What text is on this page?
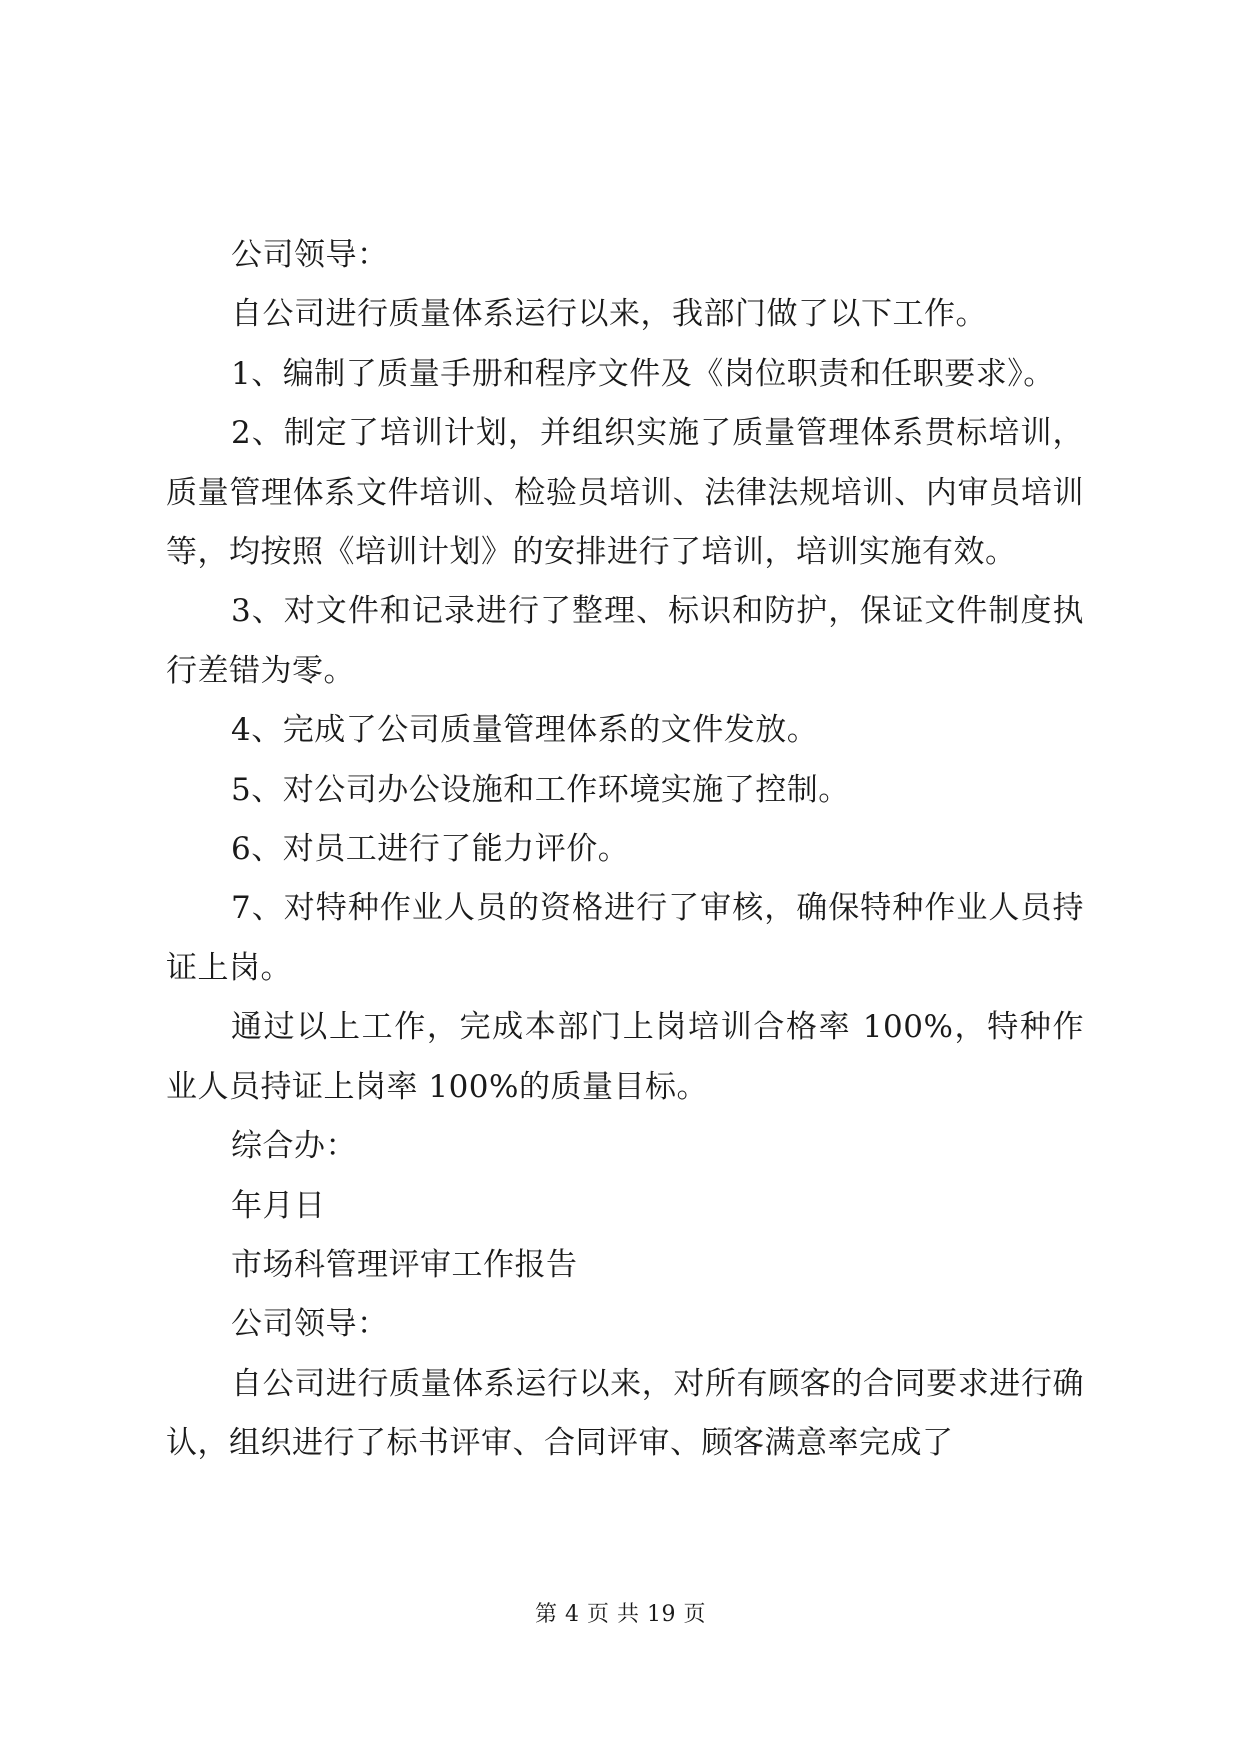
公司领导：

自公司进行质量体系运行以来，我部门做了以下工作。

1、编制了质量手册和程序文件及《岗位职责和任职要求》。

2、制定了培训计划，并组织实施了质量管理体系贯标培训，质量管理体系文件培训、检验员培训、法律法规培训、内审员培训等，均按照《培训计划》的安排进行了培训，培训实施有效。

3、对文件和记录进行了整理、标识和防护，保证文件制度执行差错为零。

4、完成了公司质量管理体系的文件发放。

5、对公司办公设施和工作环境实施了控制。

6、对员工进行了能力评价。

7、对特种作业人员的资格进行了审核，确保特种作业人员持证上岗。

通过以上工作，完成本部门上岗培训合格率 100%，特种作业人员持证上岗率 100%的质量目标。

综合办：

年月日

市场科管理评审工作报告

公司领导：

自公司进行质量体系运行以来，对所有顾客的合同要求进行确认，组织进行了标书评审、合同评审、顾客满意率完成了

第 4 页 共 19 页
